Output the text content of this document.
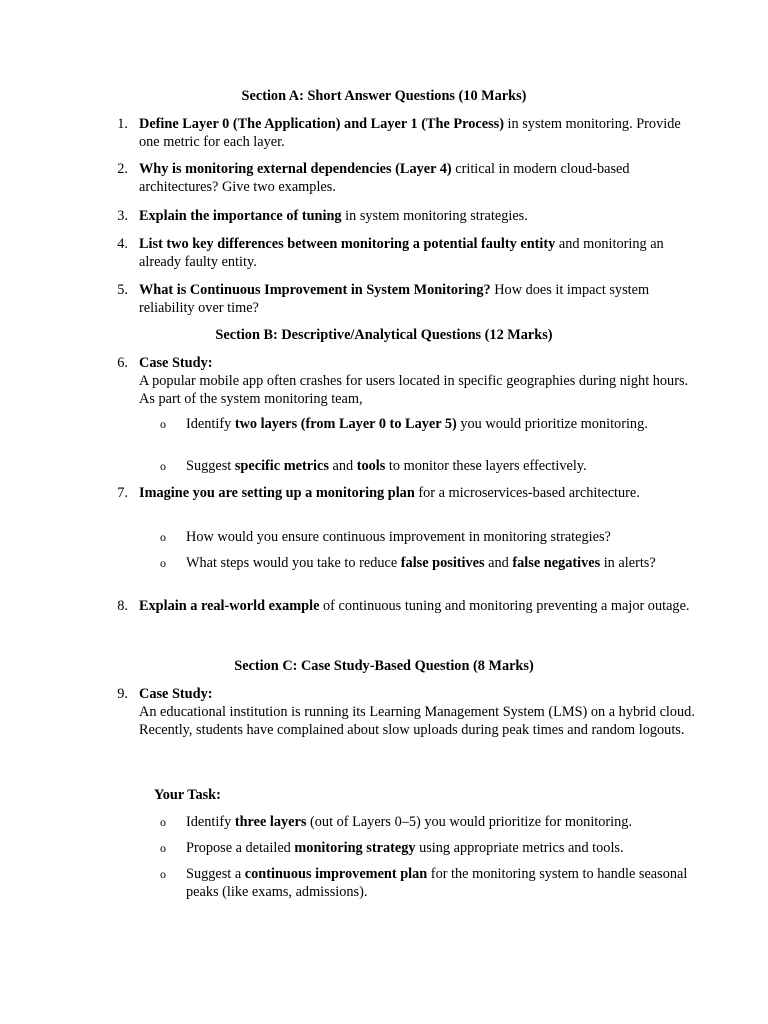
Section A: Short Answer Questions (10 Marks)
1. Define Layer 0 (The Application) and Layer 1 (The Process) in system monitoring. Provide one metric for each layer.
2. Why is monitoring external dependencies (Layer 4) critical in modern cloud-based architectures? Give two examples.
3. Explain the importance of tuning in system monitoring strategies.
4. List two key differences between monitoring a potential faulty entity and monitoring an already faulty entity.
5. What is Continuous Improvement in System Monitoring? How does it impact system reliability over time?
Section B: Descriptive/Analytical Questions (12 Marks)
6. Case Study:
A popular mobile app often crashes for users located in specific geographies during night hours. As part of the system monitoring team,
o Identify two layers (from Layer 0 to Layer 5) you would prioritize monitoring.
o Suggest specific metrics and tools to monitor these layers effectively.
7. Imagine you are setting up a monitoring plan for a microservices-based architecture.
o How would you ensure continuous improvement in monitoring strategies?
o What steps would you take to reduce false positives and false negatives in alerts?
8. Explain a real-world example of continuous tuning and monitoring preventing a major outage.
Section C: Case Study-Based Question (8 Marks)
9. Case Study:
An educational institution is running its Learning Management System (LMS) on a hybrid cloud.
Recently, students have complained about slow uploads during peak times and random logouts.
Your Task:
o Identify three layers (out of Layers 0–5) you would prioritize for monitoring.
o Propose a detailed monitoring strategy using appropriate metrics and tools.
o Suggest a continuous improvement plan for the monitoring system to handle seasonal peaks (like exams, admissions).
